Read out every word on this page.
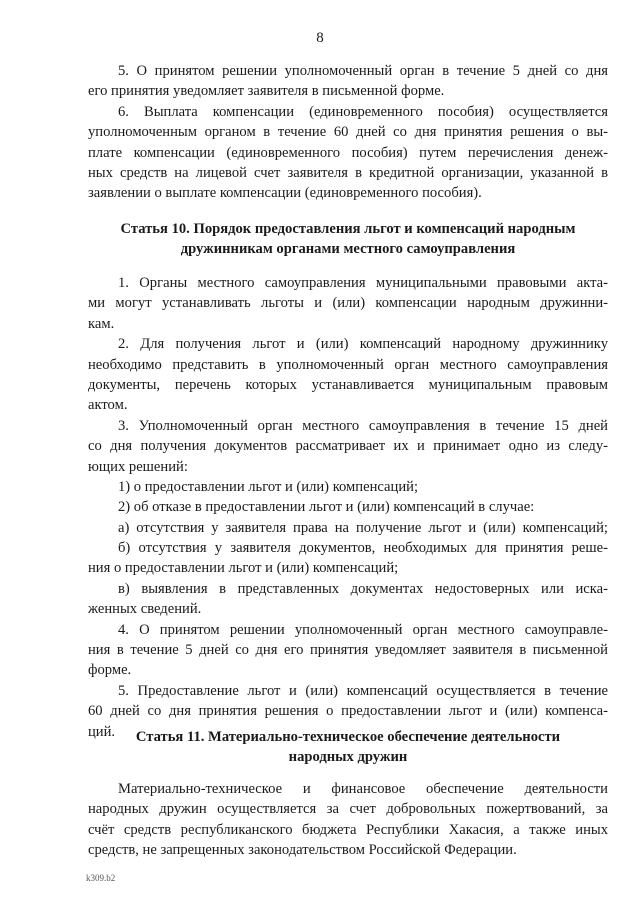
8
5. О принятом решении уполномоченный орган в течение 5 дней со дня
его принятия уведомляет заявителя в письменной форме.
6. Выплата компенсации (единовременного пособия) осуществляется
уполномоченным органом в течение 60 дней со дня принятия решения о вы-
плате компенсации (единовременного пособия) путем перечисления денеж-
ных средств на лицевой счет заявителя в кредитной организации, указанной в
заявлении о выплате компенсации (единовременного пособия).
Статья 10. Порядок предоставления льгот и компенсаций народным
дружинникам органами местного самоуправления
1. Органы местного самоуправления муниципальными правовыми акта-
ми могут устанавливать льготы и (или) компенсации народным дружинни-
кам.
2. Для получения льгот и (или) компенсаций народному дружиннику
необходимо представить в уполномоченный орган местного самоуправления
документы, перечень которых устанавливается муниципальным правовым
актом.
3. Уполномоченный орган местного самоуправления в течение 15 дней
со дня получения документов рассматривает их и принимает одно из следу-
ющих решений:
1) о предоставлении льгот и (или) компенсаций;
2) об отказе в предоставлении льгот и (или) компенсаций в случае:
а) отсутствия у заявителя права на получение льгот и (или) компенсаций;
б) отсутствия у заявителя документов, необходимых для принятия реше-
ния о предоставлении льгот и (или) компенсаций;
в) выявления в представленных документах недостоверных или иска-
женных сведений.
4. О принятом решении уполномоченный орган местного самоуправле-
ния в течение 5 дней со дня его принятия уведомляет заявителя в письменной
форме.
5. Предоставление льгот и (или) компенсаций осуществляется в течение
60 дней со дня принятия решения о предоставлении льгот и (или) компенса-
ций.	Статья 11. Материально-техническое обеспечение деятельности
народных дружин
Материально-техническое и финансовое обеспечение деятельности
народных дружин осуществляется за счет добровольных пожертвований, за
счёт средств республиканского бюджета Республики Хакасия, а также иных
средств, не запрещенных законодательством Российской Федерации.
k309.b2
